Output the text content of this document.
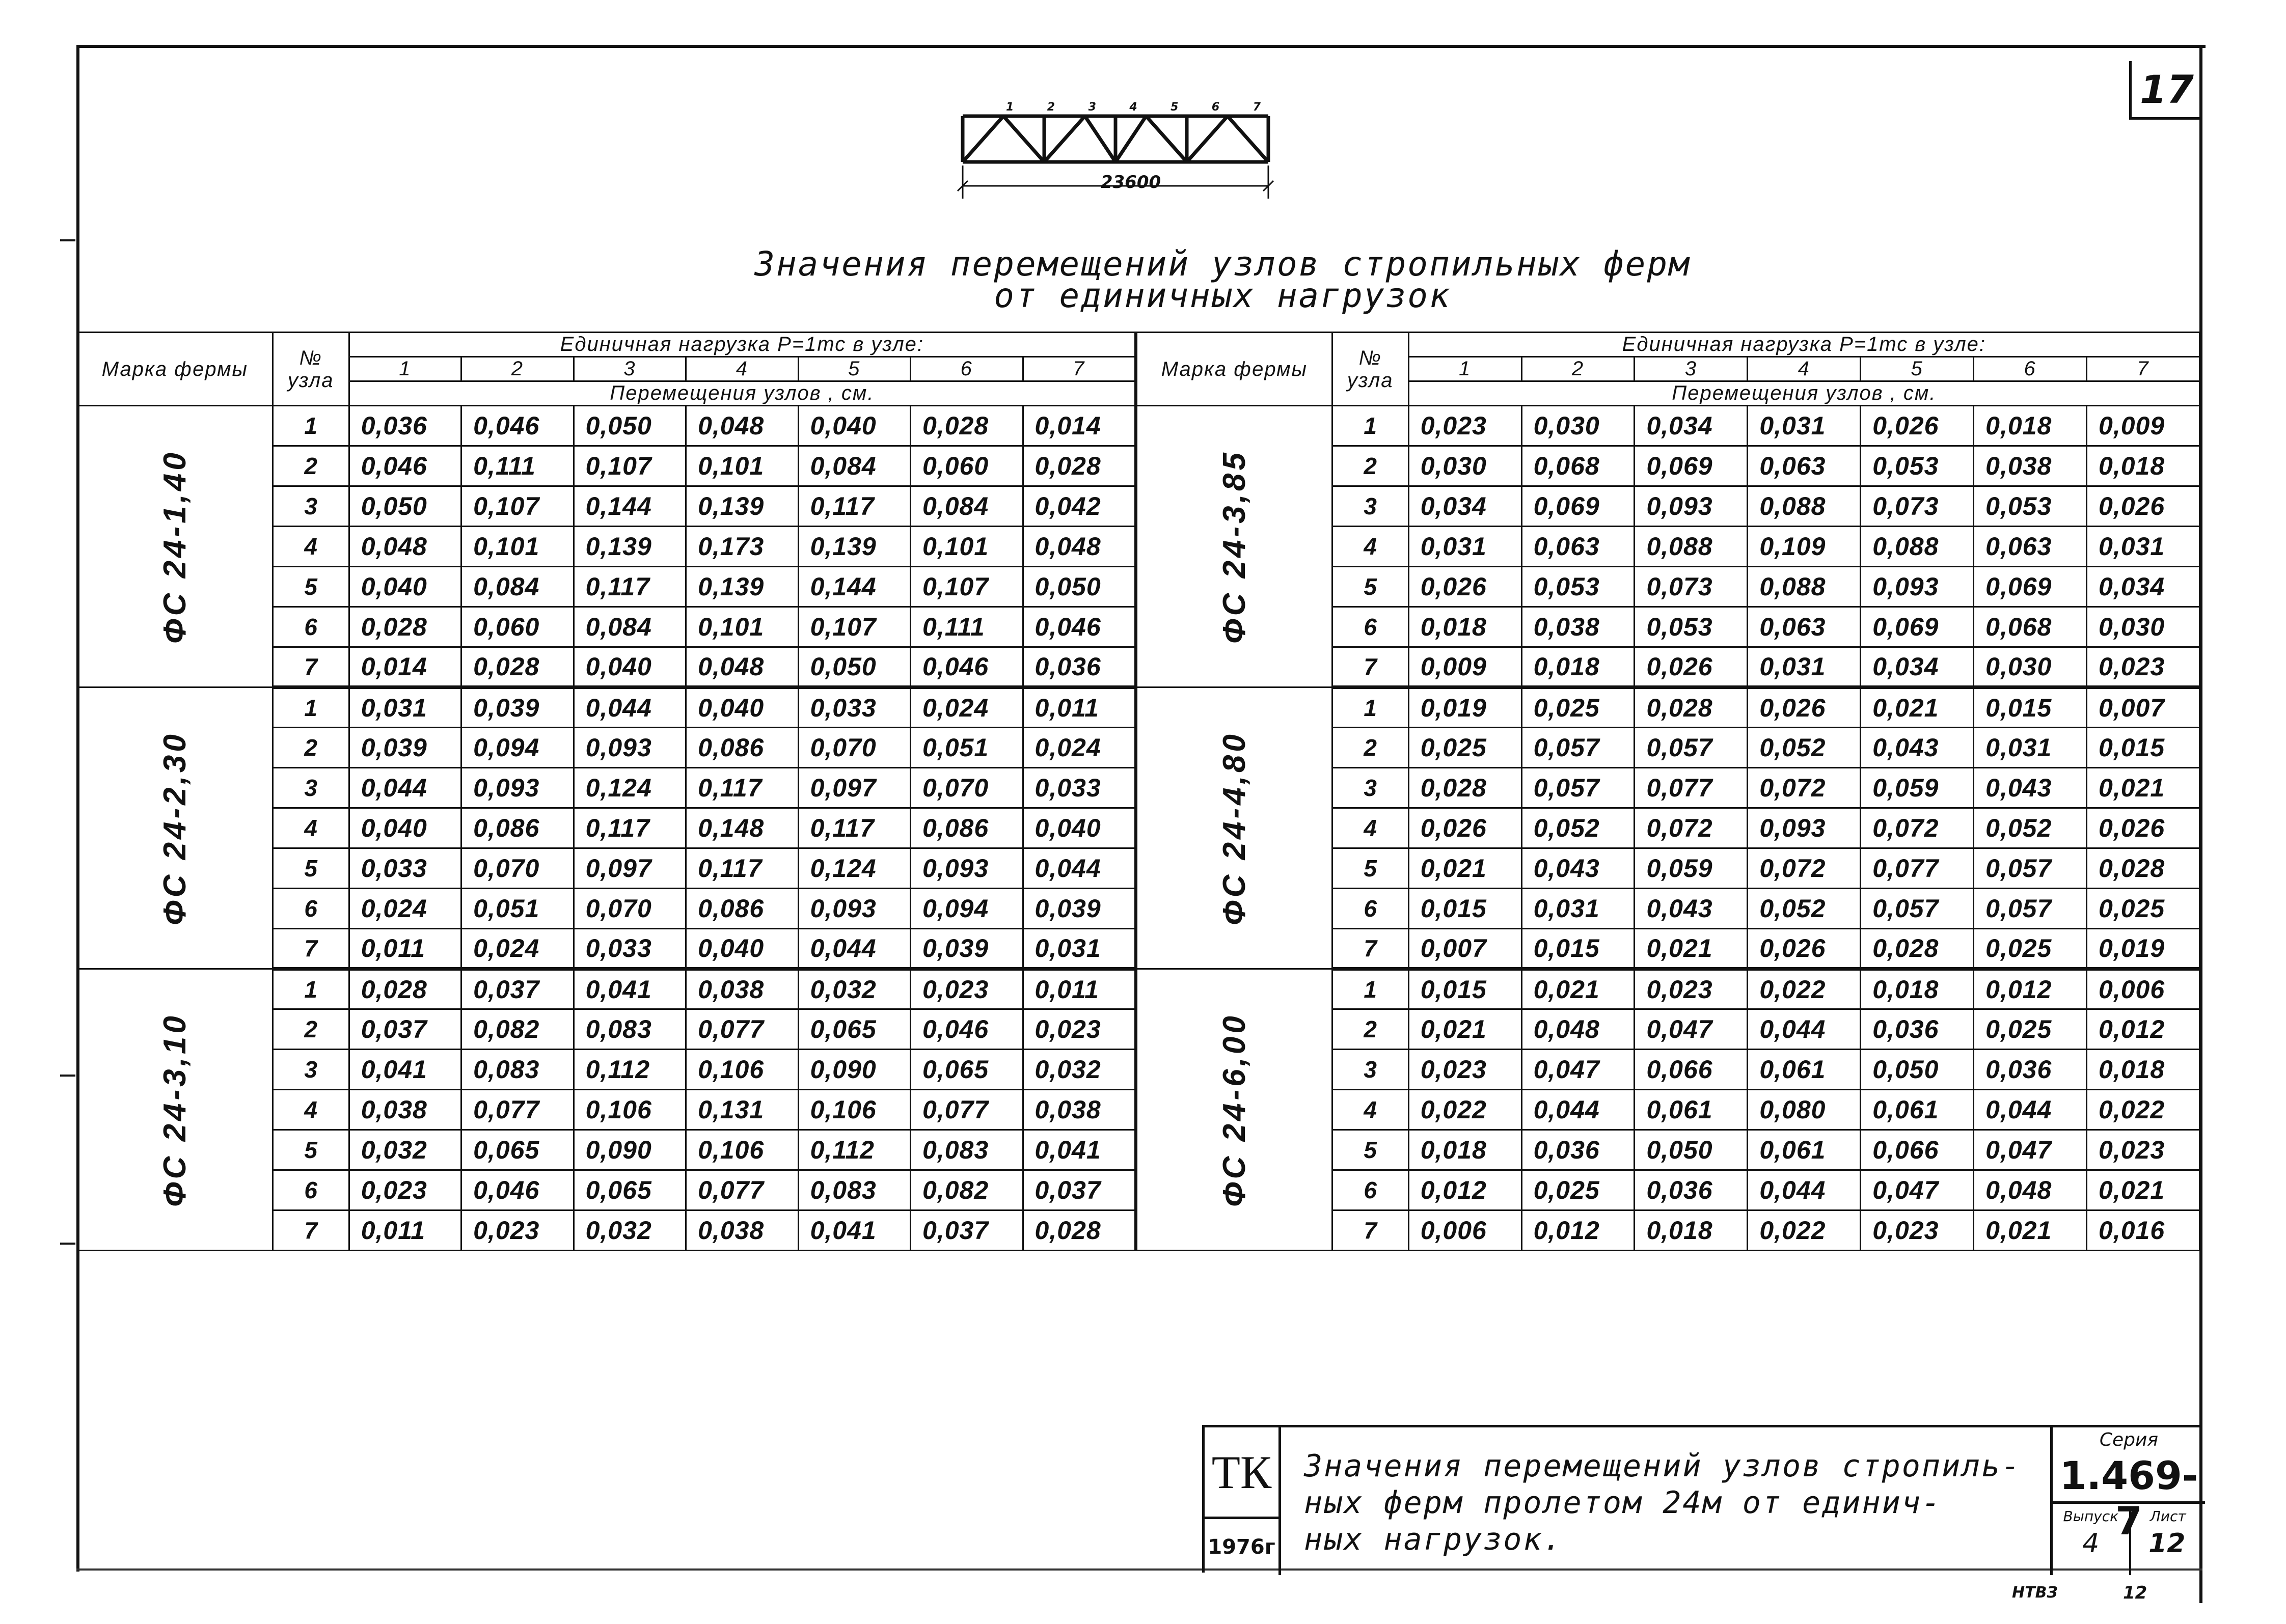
17
1	2	3	4	5	6	7
23600
Значения перемещений узлов стропильных ферм
от единичных нагрузок
Марка фермы	№ узла	Единичная нагрузка Р=1тс в узле:						
		1	2	3	4	5	6	7
		Перемещения узлов , см.						
ФС 24-1,40	1	0,036	0,046	0,050	0,048	0,040	0,028	0,014
	2	0,046	0,111	0,107	0,101	0,084	0,060	0,028
	3	0,050	0,107	0,144	0,139	0,117	0,084	0,042
	4	0,048	0,101	0,139	0,173	0,139	0,101	0,048
	5	0,040	0,084	0,117	0,139	0,144	0,107	0,050
	6	0,028	0,060	0,084	0,101	0,107	0,111	0,046
	7	0,014	0,028	0,040	0,048	0,050	0,046	0,036
ФС 24-2,30	1	0,031	0,039	0,044	0,040	0,033	0,024	0,011
	2	0,039	0,094	0,093	0,086	0,070	0,051	0,024
	3	0,044	0,093	0,124	0,117	0,097	0,070	0,033
	4	0,040	0,086	0,117	0,148	0,117	0,086	0,040
	5	0,033	0,070	0,097	0,117	0,124	0,093	0,044
	6	0,024	0,051	0,070	0,086	0,093	0,094	0,039
	7	0,011	0,024	0,033	0,040	0,044	0,039	0,031
ФС 24-3,10	1	0,028	0,037	0,041	0,038	0,032	0,023	0,011
	2	0,037	0,082	0,083	0,077	0,065	0,046	0,023
	3	0,041	0,083	0,112	0,106	0,090	0,065	0,032
	4	0,038	0,077	0,106	0,131	0,106	0,077	0,038
	5	0,032	0,065	0,090	0,106	0,112	0,083	0,041
	6	0,023	0,046	0,065	0,077	0,083	0,082	0,037
	7	0,011	0,023	0,032	0,038	0,041	0,037	0,028
Марка фермы	№ узла	Единичная нагрузка Р=1тс в узле:						
		1	2	3	4	5	6	7
		Перемещения узлов , см.						
ФС 24-3,85	1	0,023	0,030	0,034	0,031	0,026	0,018	0,009
	2	0,030	0,068	0,069	0,063	0,053	0,038	0,018
	3	0,034	0,069	0,093	0,088	0,073	0,053	0,026
	4	0,031	0,063	0,088	0,109	0,088	0,063	0,031
	5	0,026	0,053	0,073	0,088	0,093	0,069	0,034
	6	0,018	0,038	0,053	0,063	0,069	0,068	0,030
	7	0,009	0,018	0,026	0,031	0,034	0,030	0,023
ФС 24-4,80	1	0,019	0,025	0,028	0,026	0,021	0,015	0,007
	2	0,025	0,057	0,057	0,052	0,043	0,031	0,015
	3	0,028	0,057	0,077	0,072	0,059	0,043	0,021
	4	0,026	0,052	0,072	0,093	0,072	0,052	0,026
	5	0,021	0,043	0,059	0,072	0,077	0,057	0,028
	6	0,015	0,031	0,043	0,052	0,057	0,057	0,025
	7	0,007	0,015	0,021	0,026	0,028	0,025	0,019
ФС 24-6,00	1	0,015	0,021	0,023	0,022	0,018	0,012	0,006
	2	0,021	0,048	0,047	0,044	0,036	0,025	0,012
	3	0,023	0,047	0,066	0,061	0,050	0,036	0,018
	4	0,022	0,044	0,061	0,080	0,061	0,044	0,022
	5	0,018	0,036	0,050	0,061	0,066	0,047	0,023
	6	0,012	0,025	0,036	0,044	0,047	0,048	0,021
	7	0,006	0,012	0,018	0,022	0,023	0,021	0,016
ТК
1976г
Значения перемещений узлов стропиль-
ных ферм пролетом 24м от единич-
ных нагрузок.
Серия
1.469-7
Выпуск	Лист
4	12
НТВЗ	12
